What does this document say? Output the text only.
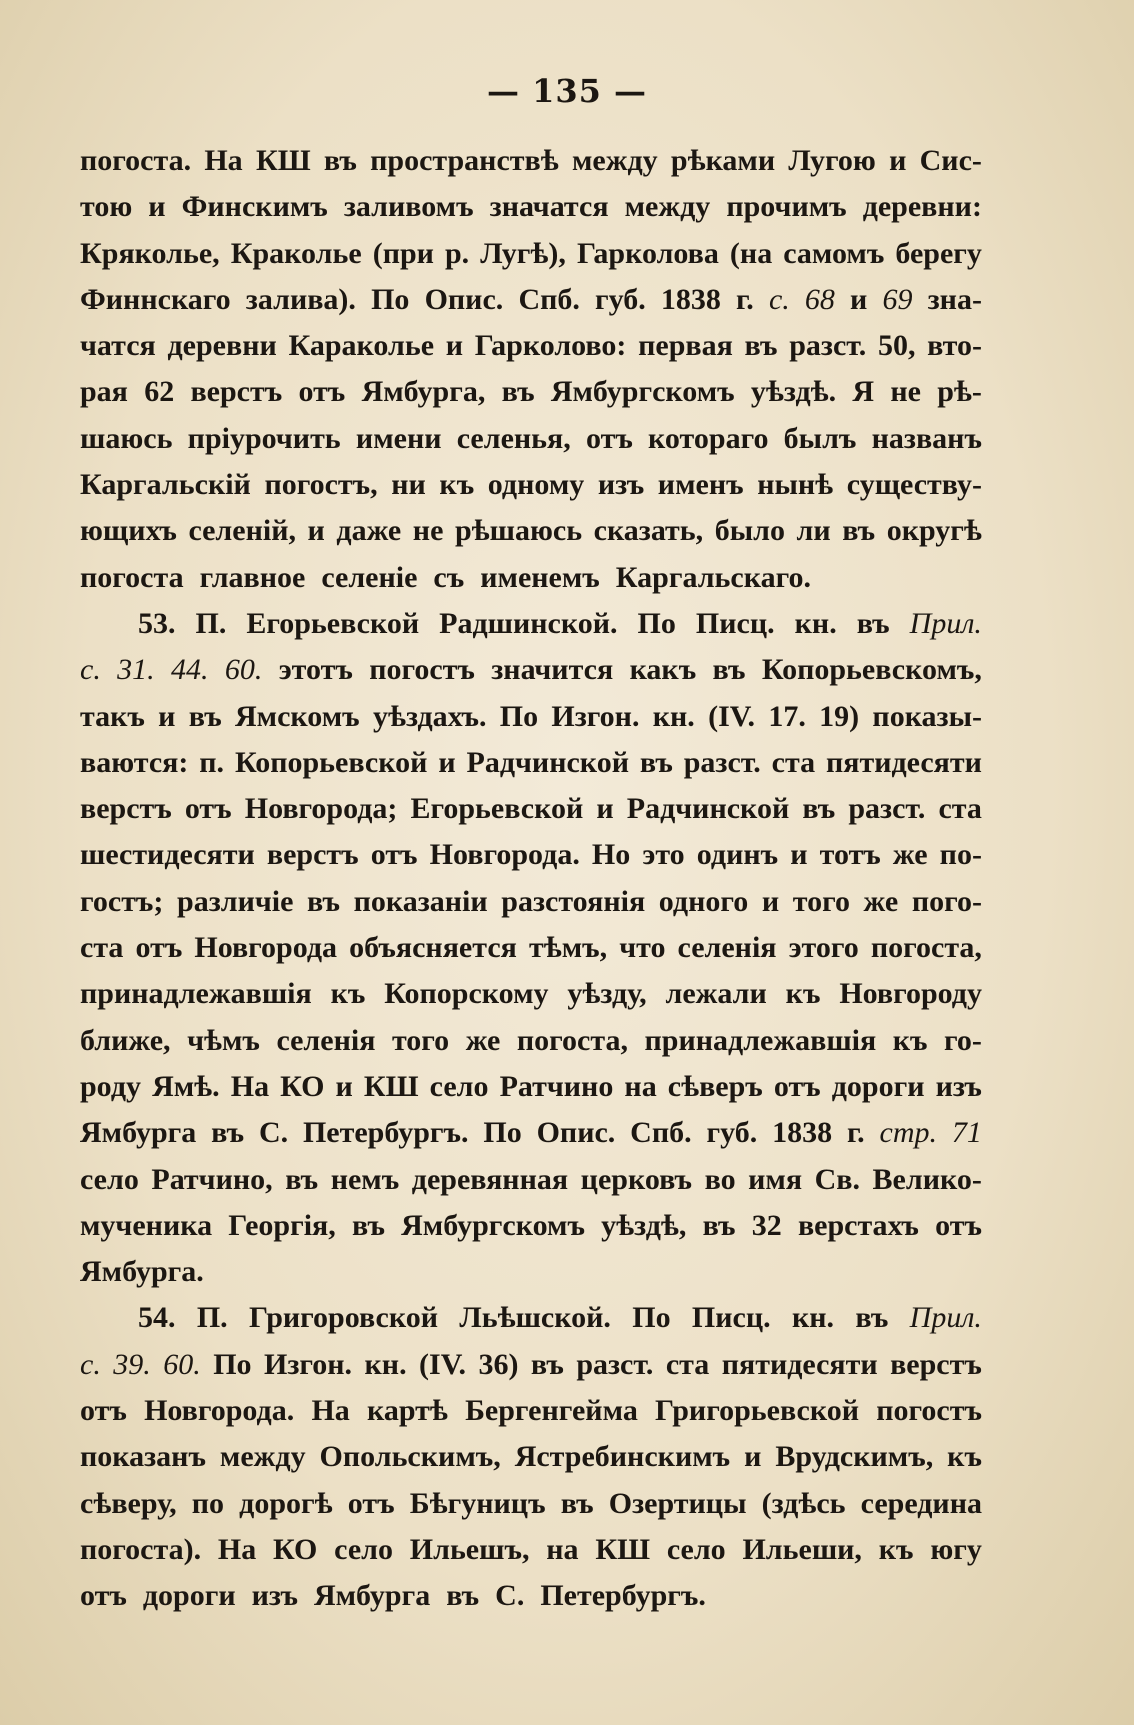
— 135 —
погоста. На КШ въ пространствѣ между рѣками Лугою и Сис-
тою и Финскимъ заливомъ значатся между прочимъ деревни:
Кряколье, Краколье (при р. Лугѣ), Гарколова (на самомъ берегу
Финнскаго залива). По Опис. Спб. губ. 1838 г. с. 68 и 69 зна-
чатся деревни Караколье и Гарколово: первая въ разст. 50, вто-
рая 62 верстъ отъ Ямбурга, въ Ямбургскомъ уѣздѣ. Я не рѣ-
шаюсь пріурочить имени селенья, отъ котораго былъ названъ
Каргальскій погостъ, ни къ одному изъ именъ нынѣ существу-
ющихъ селеній, и даже не рѣшаюсь сказать, было ли въ округѣ
погоста главное селеніе съ именемъ Каргальскаго.
53. П. Егорьевской Радшинской. По Писц. кн. въ Прил.
с. 31. 44. 60. этотъ погостъ значится какъ въ Копорьевскомъ,
такъ и въ Ямскомъ уѣздахъ. По Изгон. кн. (IV. 17. 19) показы-
ваются: п. Копорьевской и Радчинской въ разст. ста пятидесяти
верстъ отъ Новгорода; Егорьевской и Радчинской въ разст. ста
шестидесяти верстъ отъ Новгорода. Но это одинъ и тотъ же по-
гостъ; различіе въ показаніи разстоянія одного и того же пого-
ста отъ Новгорода объясняется тѣмъ, что селенія этого погоста,
принадлежавшія къ Копорскому уѣзду, лежали къ Новгороду
ближе, чѣмъ селенія того же погоста, принадлежавшія къ го-
роду Ямѣ. На КО и КШ село Ратчино на сѣверъ отъ дороги изъ
Ямбурга въ С. Петербургъ. По Опис. Спб. губ. 1838 г. стр. 71
село Ратчино, въ немъ деревянная церковъ во имя Св. Велико-
мученика Георгія, въ Ямбургскомъ уѣздѣ, въ 32 верстахъ отъ
Ямбурга.
54. П. Григоровской Льѣшской. По Писц. кн. въ Прил.
с. 39. 60. По Изгон. кн. (IV. 36) въ разст. ста пятидесяти верстъ
отъ Новгорода. На картѣ Бергенгейма Григорьевской погостъ
показанъ между Опольскимъ, Ястребинскимъ и Врудскимъ, къ
сѣверу, по дорогѣ отъ Бѣгуницъ въ Озертицы (здѣсь середина
погоста). На КО село Ильешъ, на КШ село Ильеши, къ югу
отъ дороги изъ Ямбурга въ С. Петербургъ.
